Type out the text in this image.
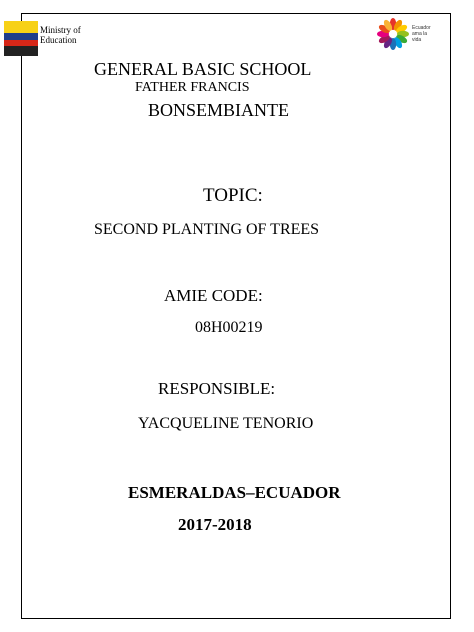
Ministry of Education
Ecuador ama la vida
GENERAL BASIC SCHOOL
FATHER FRANCIS
BONSEMBIANTE
TOPIC:
SECOND PLANTING OF TREES
AMIE CODE:
08H00219
RESPONSIBLE:
YACQUELINE TENORIO
ESMERALDAS–ECUADOR
2017-2018
